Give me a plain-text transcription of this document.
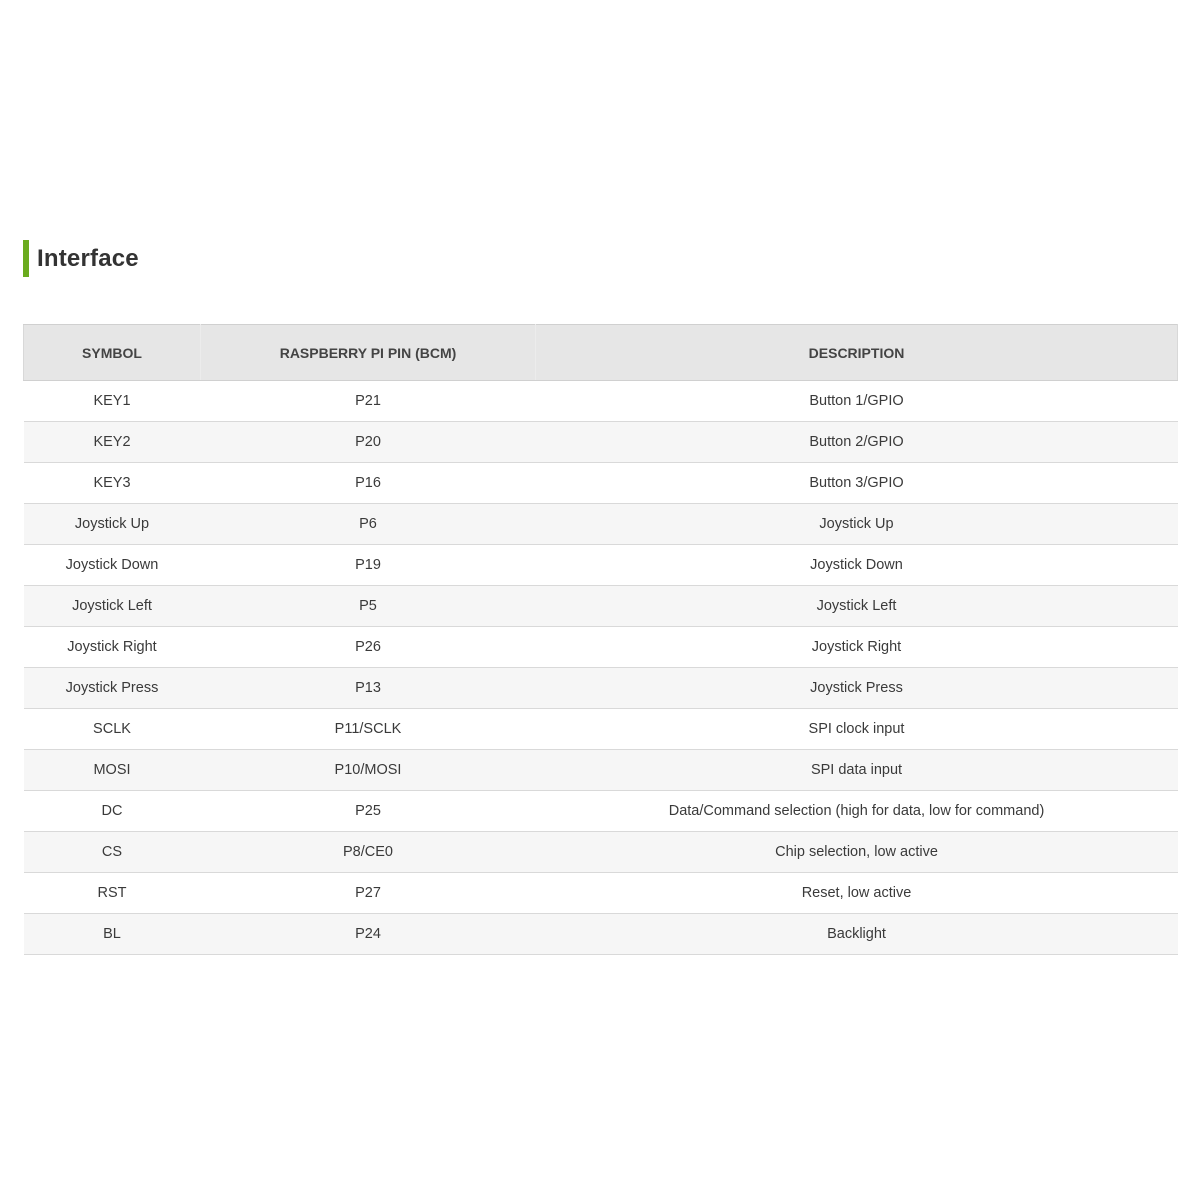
Interface
SYMBOL	RASPBERRY PI PIN (BCM)	DESCRIPTION
KEY1	P21	Button 1/GPIO
KEY2	P20	Button 2/GPIO
KEY3	P16	Button 3/GPIO
Joystick Up	P6	Joystick Up
Joystick Down	P19	Joystick Down
Joystick Left	P5	Joystick Left
Joystick Right	P26	Joystick Right
Joystick Press	P13	Joystick Press
SCLK	P11/SCLK	SPI clock input
MOSI	P10/MOSI	SPI data input
DC	P25	Data/Command selection (high for data, low for command)
CS	P8/CE0	Chip selection, low active
RST	P27	Reset, low active
BL	P24	Backlight
